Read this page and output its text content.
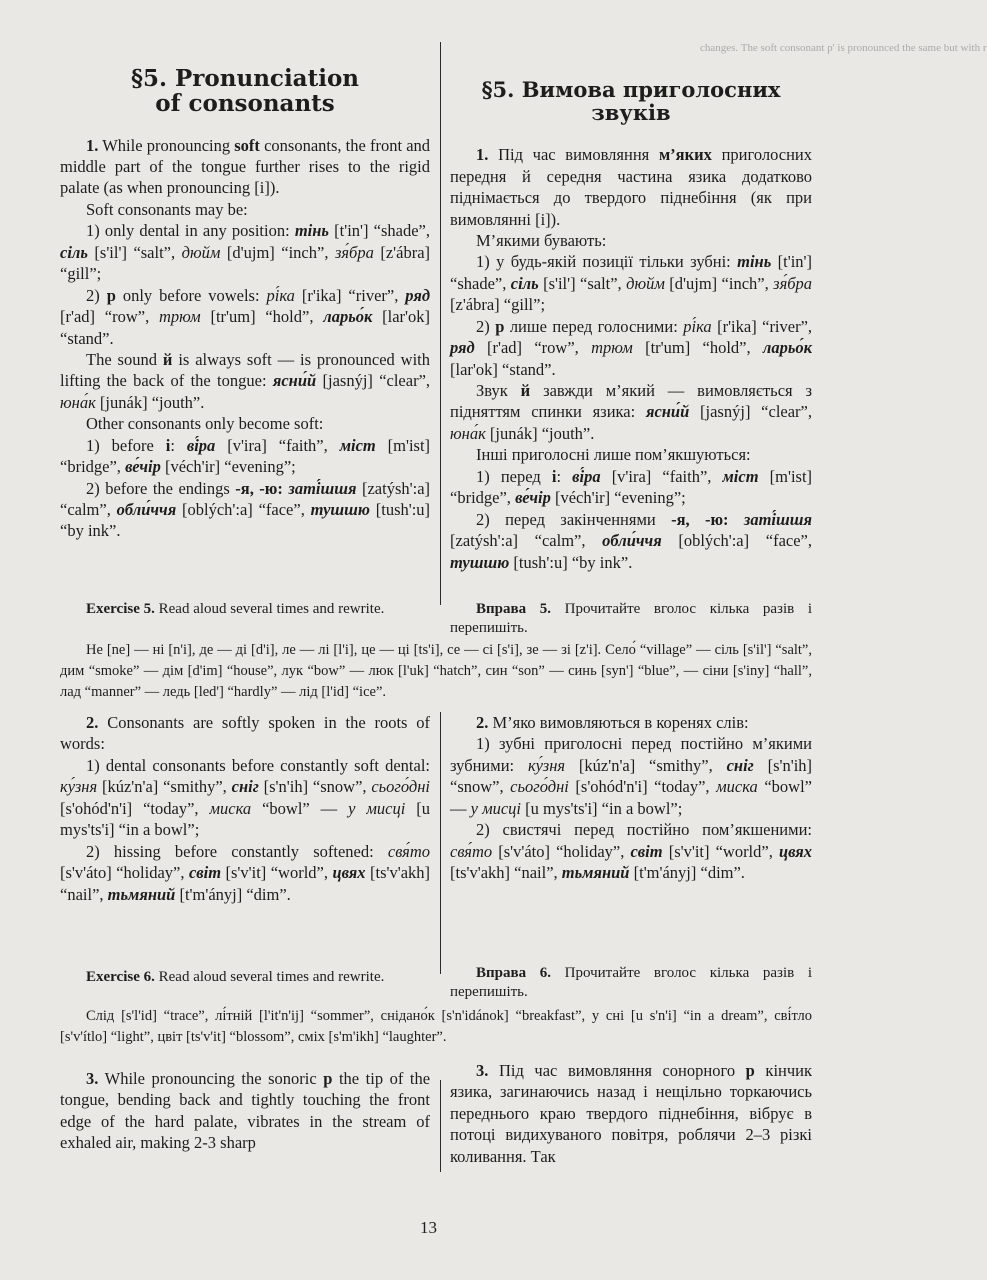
changes. The soft consonant p' is pronounced the same but with r
§5. Pronunciation
of consonants

1. While pronouncing soft consonants, the front and middle part of the tongue further rises to the rigid palate (as when pronouncing [i]).

Soft consonants may be:

1) only dental in any position: тінь [t'in'] “shade”, сіль [s'il'] “salt”, дюйм [d'ujm] “inch”, зя́бра [z'ábra] “gill”;

2) р only before vowels: рі́ка [r'ika] “river”, ряд [r'ad] “row”, трюм [tr'um] “hold”, ларьо́к [lar'ok] “stand”.

The sound й is always soft — is pronounced with lifting the back of the tongue: ясни́й [jasnýj] “clear”, юна́к [junák] “jouth”.

Other consonants only become soft:

1) before і: ві́ра [v'ira] “faith”, міст [m'ist] “bridge”, ве́чір [véch'ir] “evening”;

2) before the endings -я, -ю: заті́шшя [zatýsh':a] “calm”, обли́ччя [oblých':a] “face”, тушшю [tush':u] “by ink”.

§5. Вимова приголосних
звуків

1. Під час вимовляння м’яких приголосних передня й середня частина язика додатково піднімається до твердого піднебіння (як при вимовлянні [і]).

М’якими бувають:

1) у будь-якій позиції тільки зубні: тінь [t'in'] “shade”, сіль [s'il'] “salt”, дюйм [d'ujm] “inch”, зя́бра [z'ábra] “gill”;

2) р лише перед голосними: рі́ка [r'ika] “river”, ряд [r'ad] “row”, трюм [tr'um] “hold”, ларьо́к [lar'ok] “stand”.

Звук й завжди м’який — вимовляється з підняттям спинки язика: ясни́й [jasnýj] “clear”, юна́к [junák] “jouth”.

Інші приголосні лише пом’якшуються:

1) перед і: ві́ра [v'ira] “faith”, міст [m'ist] “bridge”, ве́чір [véch'ir] “evening”;

2) перед закінченнями -я, -ю: заті́шшя [zatýsh':a] “calm”, обли́ччя [oblých':a] “face”, тушшю [tush':u] “by ink”.

Exercise 5. Read aloud several times and rewrite.	Вправа 5. Прочитайте вголос кілька разів і перепишіть.

Не [ne] — ні [n'i], де — ді [d'i], ле — лі [l'i], це — ці [ts'i], се — сі [s'i], зе — зі [z'i]. Село́ “village” — сіль [s'il'] “salt”, дим “smoke” — дім [d'im] “house”, лук “bow” — люк [l'uk] “hatch”, син “son” — синь [syn'] “blue”, — сіни [s'iny] “hall”, лад “manner” — ледь [led'] “hardly” — лід [l'id] “ice”.

2. Consonants are softly spoken in the roots of words:

1) dental consonants before constantly soft dental: ку́зня [kúz'n'a] “smithy”, сніг [s'n'ih] “snow”, сього́дні [s'ohód'n'i] “today”, миска “bowl” — у мисці [u mys'ts'i] “in a bowl”;

2) hissing before constantly softened: свя́то [s'v'áto] “holiday”, світ [s'v'it] “world”, цвях [ts'v'akh] “nail”, тьмяний [t'm'ányj] “dim”.

2. М’яко вимовляються в коренях слів:

1) зубні приголосні перед постійно м’якими зубними: ку́зня [kúz'n'a] “smithy”, сніг [s'n'ih] “snow”, сього́дні [s'ohód'n'i] “today”, миска “bowl” — у мисці [u mys'ts'i] “in a bowl”;

2) свистячі перед постійно пом’якшеними: свя́то [s'v'áto] “holiday”, світ [s'v'it] “world”, цвях [ts'v'akh] “nail”, тьмяний [t'm'ányj] “dim”.

Exercise 6. Read aloud several times and rewrite.	Вправа 6. Прочитайте вголос кілька разів і перепишіть.

Слід [s'l'id] “trace”, лі́тній [l'it'n'ij] “sommer”, снідано́к [s'n'idánok] “breakfast”, у сні [u s'n'i] “in a dream”, сві́тло [s'v'ítlo] “light”, цвіт [ts'v'it] “blossom”, сміх [s'm'ikh] “laughter”.

3. While pronouncing the sonoric р the tip of the tongue, bending back and tightly touching the front edge of the hard palate, vibrates in the stream of exhaled air, making 2-3 sharp

3. Під час вимовляння сонорного р кінчик язика, загинаючись назад і нещільно торкаючись переднього краю твердого піднебіння, вібрує в потоці видихуваного повітря, роблячи 2–3 різкі коливання. Так

13
